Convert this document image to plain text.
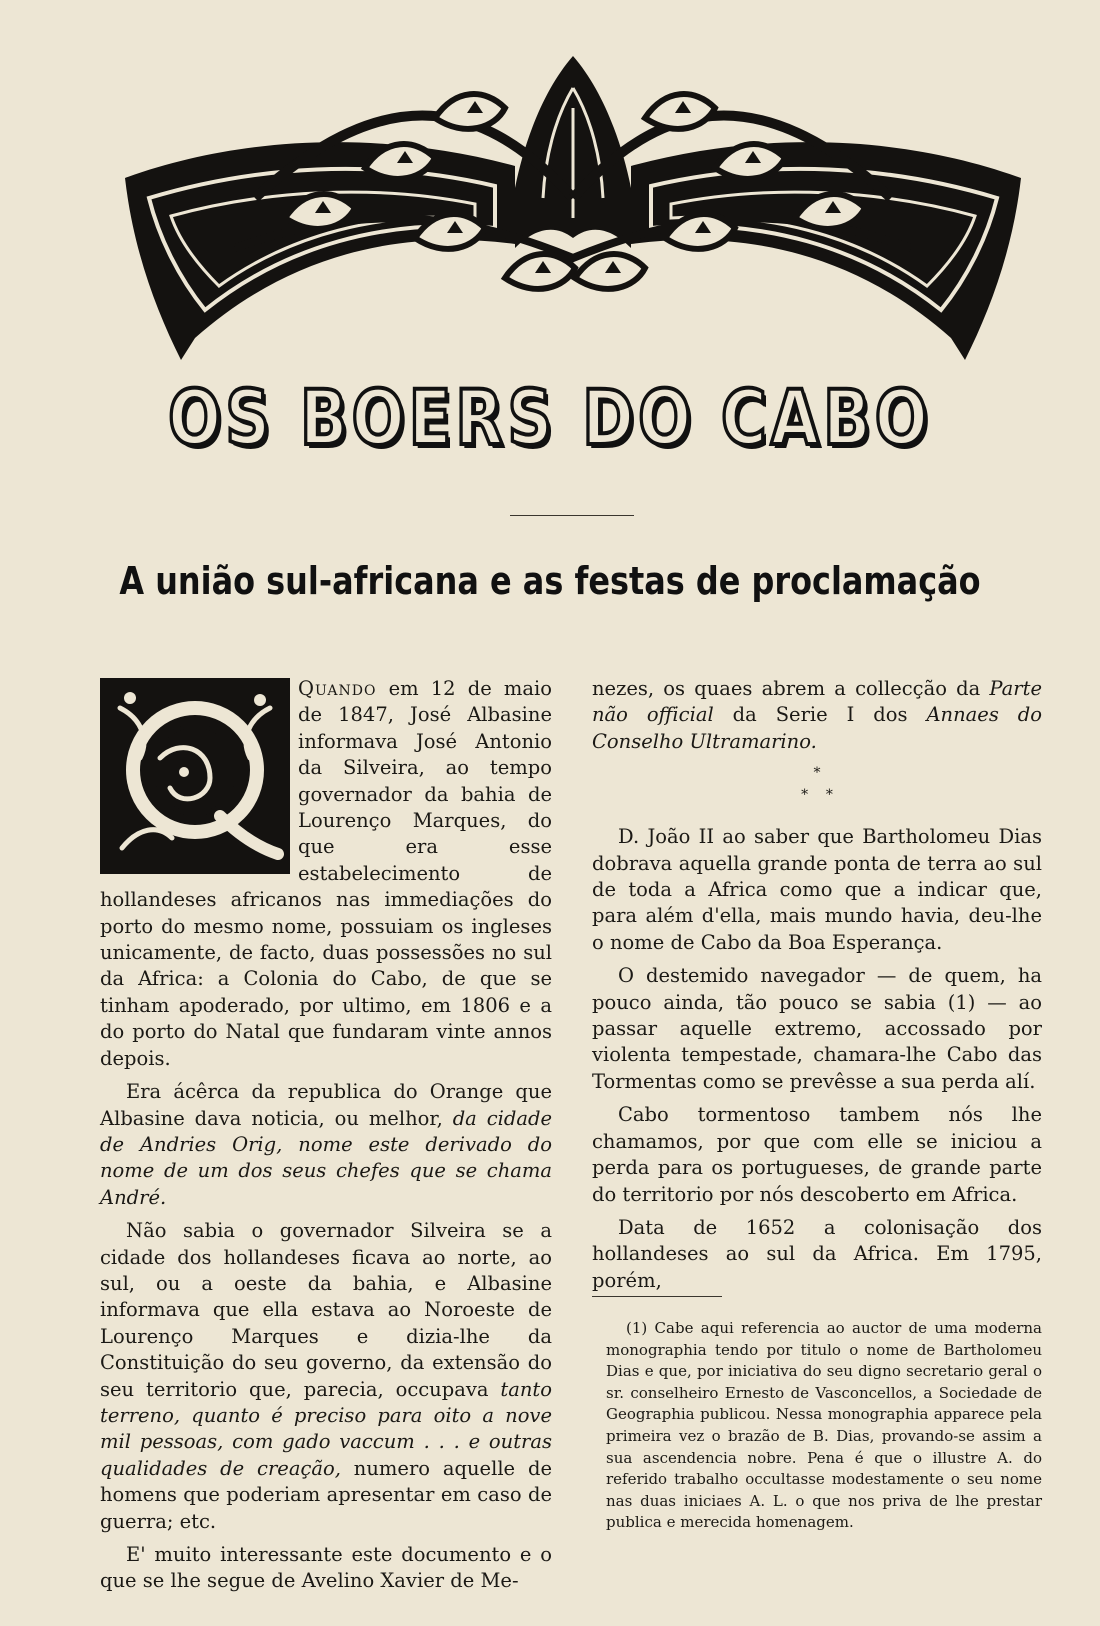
OS BOERS DO CABO
A união sul-africana e as festas de proclamação

Quando em 12 de maio de 1847, José Albasine informava José Antonio da Silveira, ao tempo governador da bahia de Lourenço Marques, do que era esse estabelecimento de hollandeses africanos nas immediações do porto do mesmo nome, possuiam os ingleses unicamente, de facto, duas possessões no sul da Africa: a Colonia do Cabo, de que se tinham apoderado, por ultimo, em 1806 e a do porto do Natal que fundaram vinte annos depois.

Era ácêrca da republica do Orange que Albasine dava noticia, ou melhor, da cidade de Andries Orig, nome este derivado do nome de um dos seus chefes que se chama André.

Não sabia o governador Silveira se a cidade dos hollandeses ficava ao norte, ao sul, ou a oeste da bahia, e Albasine informava que ella estava ao Noroeste de Lourenço Marques e dizia-lhe da Constituição do seu governo, da extensão do seu territorio que, parecia, occupava tanto terreno, quanto é preciso para oito a nove mil pessoas, com gado vaccum . . . e outras qualidades de creação, numero aquelle de homens que poderiam apresentar em caso de guerra; etc.

E' muito interessante este documento e o que se lhe segue de Avelino Xavier de Me-

nezes, os quaes abrem a collecção da Parte não official da Serie I dos Annaes do Conselho Ultramarino.

*
*    *

D. João II ao saber que Bartholomeu Dias dobrava aquella grande ponta de terra ao sul de toda a Africa como que a indicar que, para além d'ella, mais mundo havia, deu-lhe o nome de Cabo da Boa Esperança.

O destemido navegador — de quem, ha pouco ainda, tão pouco se sabia (1) — ao passar aquelle extremo, accossado por violenta tempestade, chamara-lhe Cabo das Tormentas como se prevêsse a sua perda alí.

Cabo tormentoso tambem nós lhe chamamos, por que com elle se iniciou a perda para os portugueses, de grande parte do territorio por nós descoberto em Africa.

Data de 1652 a colonisação dos hollandeses ao sul da Africa. Em 1795, porém,

(1) Cabe aqui referencia ao auctor de uma moderna monographia tendo por titulo o nome de Bartholomeu Dias e que, por iniciativa do seu digno secretario geral o sr. conselheiro Ernesto de Vasconcellos, a Sociedade de Geographia publicou. Nessa monographia apparece pela primeira vez o brazão de B. Dias, provando-se assim a sua ascendencia nobre. Pena é que o illustre A. do referido trabalho occultasse modestamente o seu nome nas duas iniciaes A. L. o que nos priva de lhe prestar publica e merecida homenagem.
